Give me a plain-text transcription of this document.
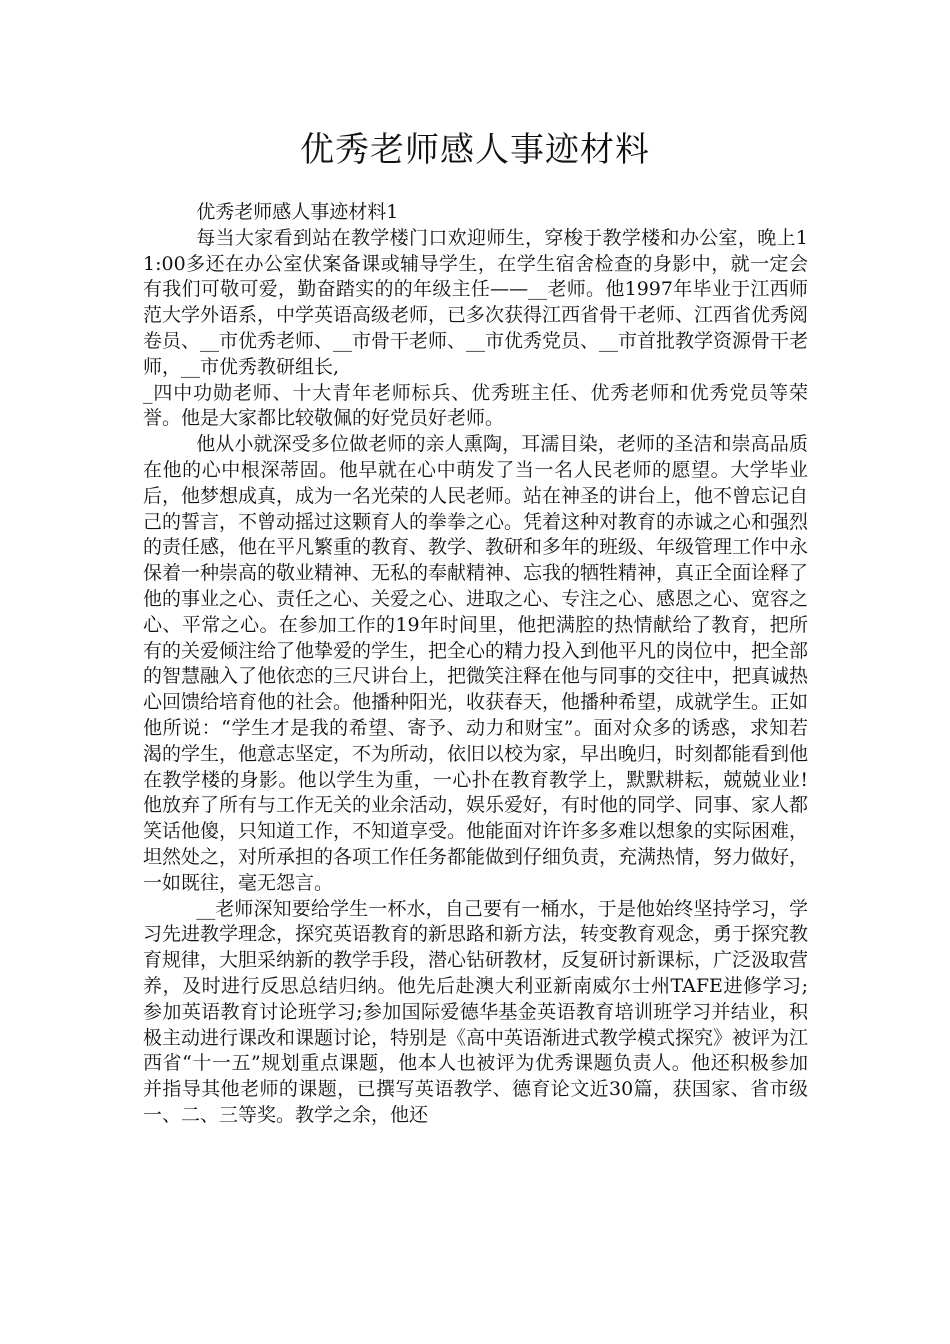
优秀老师感人事迹材料

优秀老师感人事迹材料1

每当大家看到站在教学楼门口欢迎师生，穿梭于教学楼和办公室，晚上11:00多还在办公室伏案备课或辅导学生，在学生宿舍检查的身影中，就一定会有我们可敬可爱，勤奋踏实的的年级主任——__老师。他1997年毕业于江西师范大学外语系，中学英语高级老师，已多次获得江西省骨干老师、江西省优秀阅卷员、__市优秀老师、__市骨干老师、__市优秀党员、__市首批教学资源骨干老师，__市优秀教研组长,

_四中功勋老师、十大青年老师标兵、优秀班主任、优秀老师和优秀党员等荣誉。他是大家都比较敬佩的好党员好老师。

他从小就深受多位做老师的亲人熏陶，耳濡目染，老师的圣洁和崇高品质在他的心中根深蒂固。他早就在心中萌发了当一名人民老师的愿望。大学毕业后，他梦想成真，成为一名光荣的人民老师。站在神圣的讲台上，他不曾忘记自己的誓言，不曾动摇过这颗育人的拳拳之心。凭着这种对教育的赤诚之心和强烈的责任感，他在平凡繁重的教育、教学、教研和多年的班级、年级管理工作中永保着一种崇高的敬业精神、无私的奉献精神、忘我的牺牲精神，真正全面诠释了他的事业之心、责任之心、关爱之心、进取之心、专注之心、感恩之心、宽容之心、平常之心。在参加工作的19年时间里，他把满腔的热情献给了教育，把所有的关爱倾注给了他挚爱的学生，把全心的精力投入到他平凡的岗位中，把全部的智慧融入了他依恋的三尺讲台上，把微笑注释在他与同事的交往中，把真诚热心回馈给培育他的社会。他播种阳光，收获春天，他播种希望，成就学生。正如他所说：“学生才是我的希望、寄予、动力和财宝”。面对众多的诱惑，求知若渴的学生，他意志坚定，不为所动，依旧以校为家，早出晚归，时刻都能看到他在教学楼的身影。他以学生为重，一心扑在教育教学上，默默耕耘，兢兢业业!他放弃了所有与工作无关的业余活动，娱乐爱好，有时他的同学、同事、家人都笑话他傻，只知道工作，不知道享受。他能面对许许多多难以想象的实际困难，坦然处之，对所承担的各项工作任务都能做到仔细负责，充满热情，努力做好，一如既往，毫无怨言。

__老师深知要给学生一杯水，自己要有一桶水，于是他始终坚持学习，学习先进教学理念，探究英语教育的新思路和新方法，转变教育观念，勇于探究教育规律，大胆采纳新的教学手段，潜心钻研教材，反复研讨新课标，广泛汲取营养，及时进行反思总结归纳。他先后赴澳大利亚新南威尔士州TAFE进修学习;参加英语教育讨论班学习;参加国际爱德华基金英语教育培训班学习并结业，积极主动进行课改和课题讨论，特别是《高中英语渐进式教学模式探究》被评为江西省“十一五”规划重点课题，他本人也被评为优秀课题负责人。他还积极参加并指导其他老师的课题，已撰写英语教学、德育论文近30篇，获国家、省市级一、二、三等奖。教学之余，他还
